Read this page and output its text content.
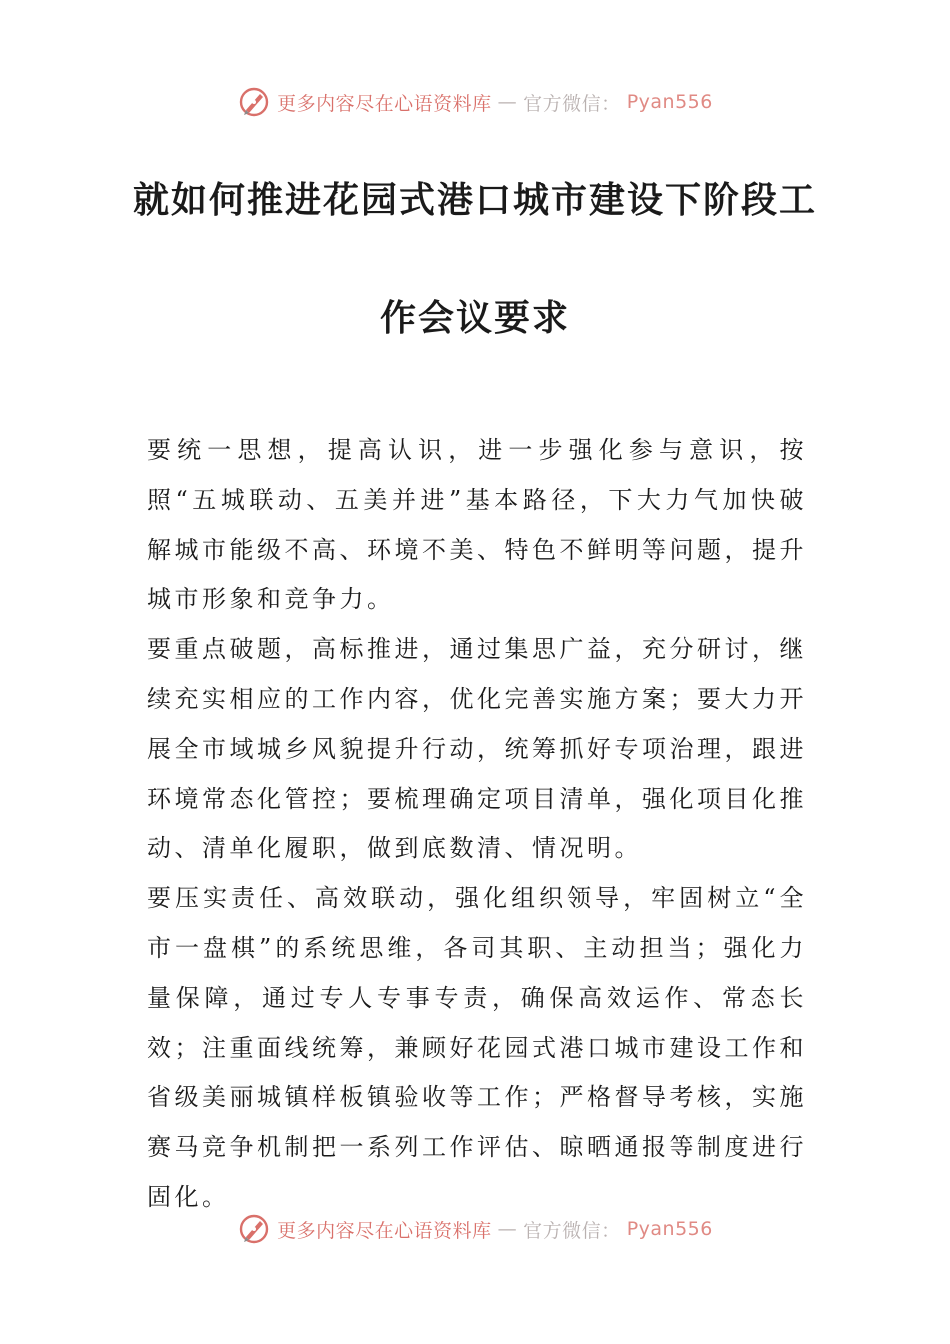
更多内容尽在心语资料库 — 官方微信： Pyan556
就如何推进花园式港口城市建设下阶段工
作会议要求

要统一思想，提高认识，进一步强化参与意识，按照“五城联动、五美并进”基本路径，下大力气加快破解城市能级不高、环境不美、特色不鲜明等问题，提升城市形象和竞争力。

要重点破题，高标推进，通过集思广益，充分研讨，继续充实相应的工作内容，优化完善实施方案；要大力开展全市域城乡风貌提升行动，统筹抓好专项治理，跟进环境常态化管控；要梳理确定项目清单，强化项目化推动、清单化履职，做到底数清、情况明。

要压实责任、高效联动，强化组织领导，牢固树立“全市一盘棋”的系统思维，各司其职、主动担当；强化力量保障，通过专人专事专责，确保高效运作、常态长效；注重面线统筹，兼顾好花园式港口城市建设工作和省级美丽城镇样板镇验收等工作；严格督导考核，实施赛马竞争机制把一系列工作评估、晾晒通报等制度进行固化。

更多内容尽在心语资料库 — 官方微信： Pyan556
